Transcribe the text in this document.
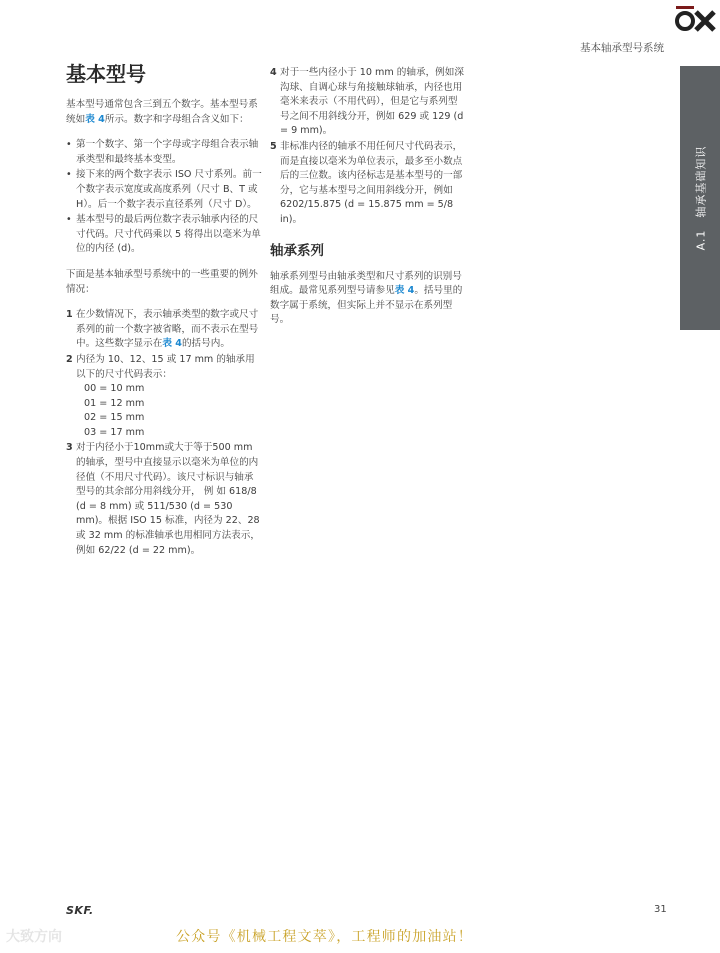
基本轴承型号系统
A.1　轴承基础知识
基本型号

基本型号通常包含三到五个数字。基本型号系统如表 4所示。数字和字母组合含义如下：

• 第一个数字、第一个字母或字母组合表示轴承类型和最终基本变型。
• 接下来的两个数字表示 ISO 尺寸系列。前一个数字表示宽度或高度系列（尺寸 B、T 或 H）。后一个数字表示直径系列（尺寸 D）。
• 基本型号的最后两位数字表示轴承内径的尺寸代码。尺寸代码乘以 5 将得出以毫米为单位的内径 (d)。

下面是基本轴承型号系统中的一些重要的例外情况：

1 在少数情况下，表示轴承类型的数字或尺寸系列的前一个数字被省略，而不表示在型号中。这些数字显示在表 4的括号内。
2 内径为 10、12、15 或 17 mm 的轴承用以下的尺寸代码表示：
00 = 10 mm
01 = 12 mm
02 = 15 mm
03 = 17 mm
3 对于内径小于10mm或大于等于500 mm 的轴承，型号中直接显示以毫米为单位的内径值（不用尺寸代码）。该尺寸标识与轴承型号的其余部分用斜线分开， 例 如 618/8 (d = 8 mm) 或 511/530 (d = 530 mm)。根据 ISO 15 标准，内径为 22、28 或 32 mm 的标准轴承也用相同方法表示，例如 62/22 (d = 22 mm)。
4 对于一些内径小于 10 mm 的轴承，例如深沟球、自调心球与角接触球轴承，内径也用毫米来表示（不用代码），但是它与系列型号之间不用斜线分开，例如 629 或 129 (d = 9 mm)。
5 非标准内径的轴承不用任何尺寸代码表示，而是直接以毫米为单位表示，最多至小数点后的三位数。该内径标志是基本型号的一部分，它与基本型号之间用斜线分开，例如 6202/15.875 (d = 15.875 mm = 5/8 in)。
轴承系列

轴承系列型号由轴承类型和尺寸系列的识别号组成。最常见系列型号请参见表 4。括号里的数字属于系统，但实际上并不显示在系列型号。

SKF.	31
大致方向	公众号《机械工程文萃》，工程师的加油站！
